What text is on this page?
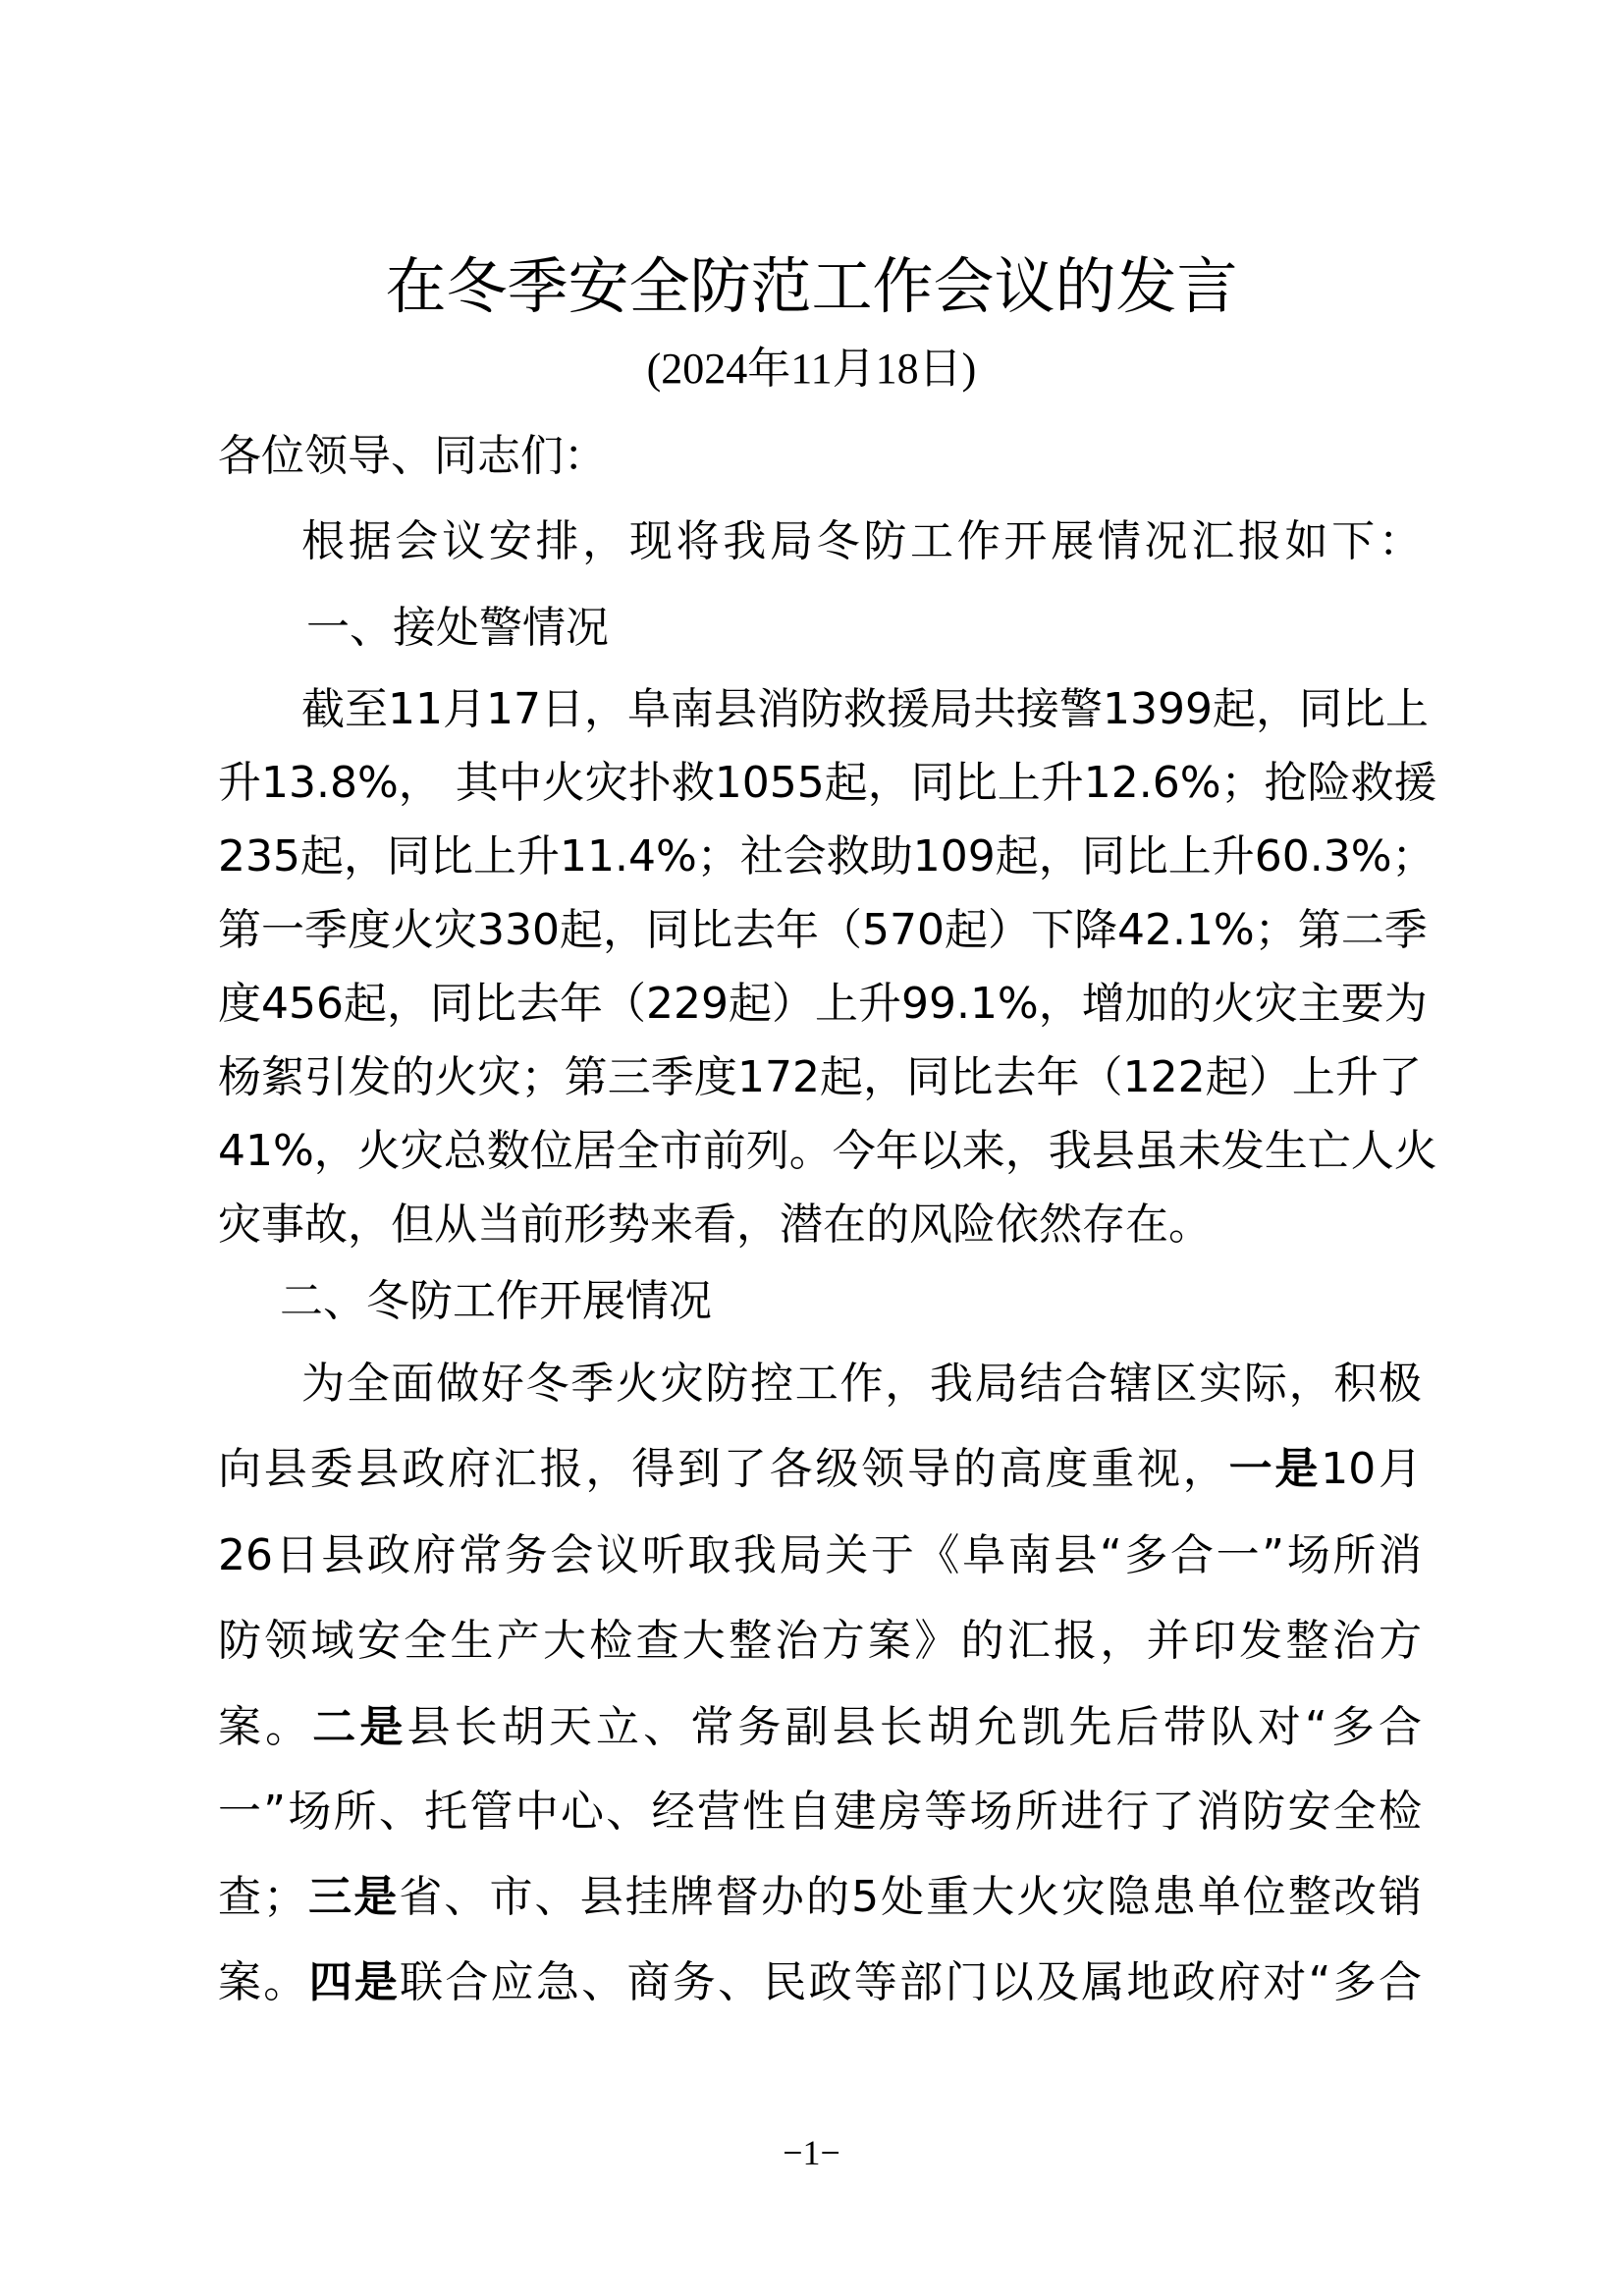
在冬季安全防范工作会议的发言
(2024年11月18日)
各位领导、同志们：
根据会议安排，现将我局冬防工作开展情况汇报如下：
一、接处警情况
截至11月17日，阜南县消防救援局共接警1399起，同比上
升13.8%， 其中火灾扑救1055起，同比上升12.6%；抢险救援
235起，同比上升11.4%；社会救助109起，同比上升60.3%；
第一季度火灾330起，同比去年（570起）下降42.1%；第二季
度456起，同比去年（229起）上升99.1%，增加的火灾主要为
杨絮引发的火灾；第三季度172起，同比去年（122起）上升了
41%，火灾总数位居全市前列。今年以来，我县虽未发生亡人火
灾事故，但从当前形势来看，潜在的风险依然存在。
二、冬防工作开展情况
为全面做好冬季火灾防控工作，我局结合辖区实际，积极
向县委县政府汇报，得到了各级领导的高度重视，一是10月
26日县政府常务会议听取我局关于《阜南县“多合一”场所消
防领域安全生产大检查大整治方案》的汇报，并印发整治方
案。二是县长胡天立、常务副县长胡允凯先后带队对“多合
一”场所、托管中心、经营性自建房等场所进行了消防安全检
查；三是省、市、县挂牌督办的5处重大火灾隐患单位整改销
案。四是联合应急、商务、民政等部门以及属地政府对“多合
−1−
